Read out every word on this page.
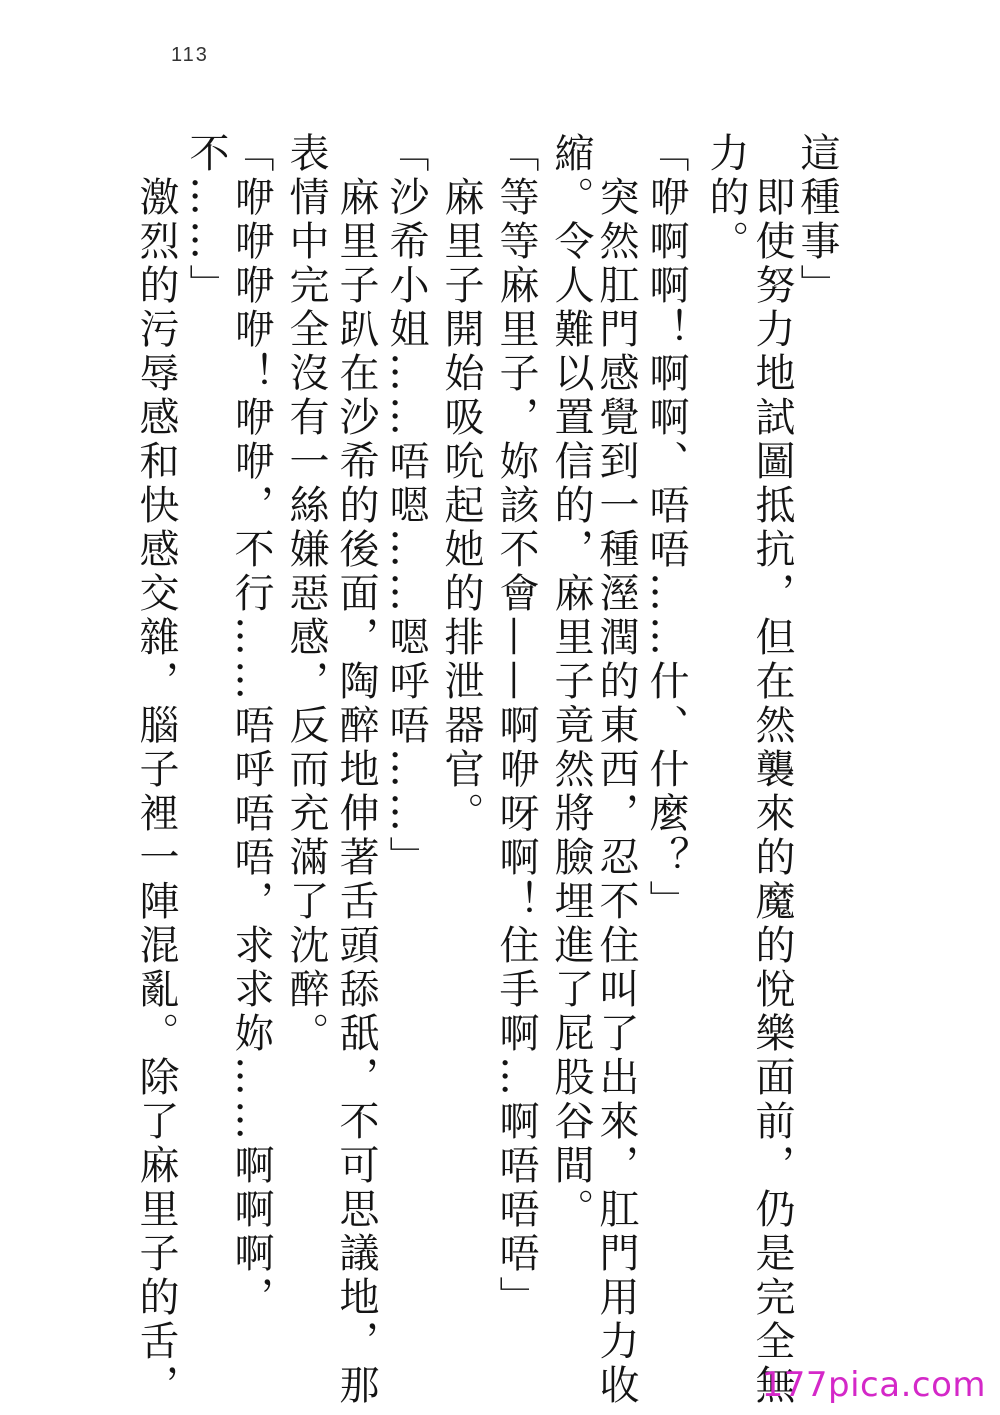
113
這種事」
　即使努力地試圖抵抗，但在然襲來的魔的悅樂面前，仍是完全無
力的。
「咿啊啊！啊啊、唔唔……什、什麼？」
　突然肛門感覺到一種溼潤的東西，忍不住叫了出來，肛門用力收
縮。令人難以置信的，麻里子竟然將臉埋進了屁股谷間。
「等等麻里子，妳該不會——啊咿呀啊！住手啊…啊唔唔唔」
　麻里子開始吸吮起她的排泄器官。
「沙希小姐……唔嗯……嗯呼唔……」
　麻里子趴在沙希的後面，陶醉地伸著舌頭舔舐，不可思議地，那
表情中完全沒有一絲嫌惡感，反而充滿了沈醉。
「咿咿咿咿！咿咿，不行……唔呼唔唔，求求妳……啊啊啊，
不……」
　激烈的污辱感和快感交雜，腦子裡一陣混亂。除了麻里子的舌，	177pica.com
